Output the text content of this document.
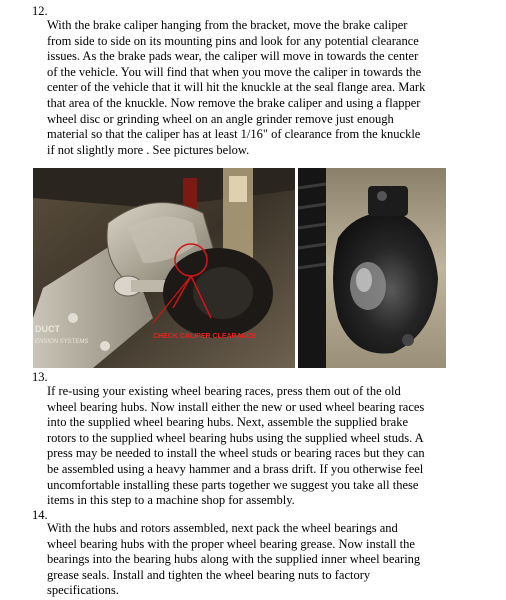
12.
With the brake caliper hanging from the bracket, move the brake caliper
from side to side on its mounting pins and look for any potential clearance
issues. As the brake pads wear, the caliper will move in towards the center
of the vehicle. You will find that when you move the caliper in towards the
center of the vehicle that it will hit the knuckle at the seal flange area. Mark
that area of the knuckle. Now remove the brake caliper and using a flapper
wheel disc or grinding wheel on an angle grinder remove just enough
material so that the caliper has at least 1/16" of clearance from the knuckle
if not slightly more . See pictures below.
CHECK CALIPER CLEARANCE
DUCT
ENSION SYSTEMS
13.
If re-using your existing wheel bearing races, press them out of the old
wheel bearing hubs. Now install either the new or used wheel bearing races
into the supplied wheel bearing hubs. Next, assemble the supplied brake
rotors to the supplied wheel bearing hubs using the supplied wheel studs. A
press may be needed to install the wheel studs or bearing races but they can
be assembled using a heavy hammer and a brass drift. If you otherwise feel
uncomfortable installing these parts together we suggest you take all these
items in this step to a machine shop for assembly.
14.
With the hubs and rotors assembled, next pack the wheel bearings and
wheel bearing hubs with the proper wheel bearing grease. Now install the
bearings into the bearing hubs along with the supplied inner wheel bearing
grease seals. Install and tighten the wheel bearing nuts to factory
specifications.
